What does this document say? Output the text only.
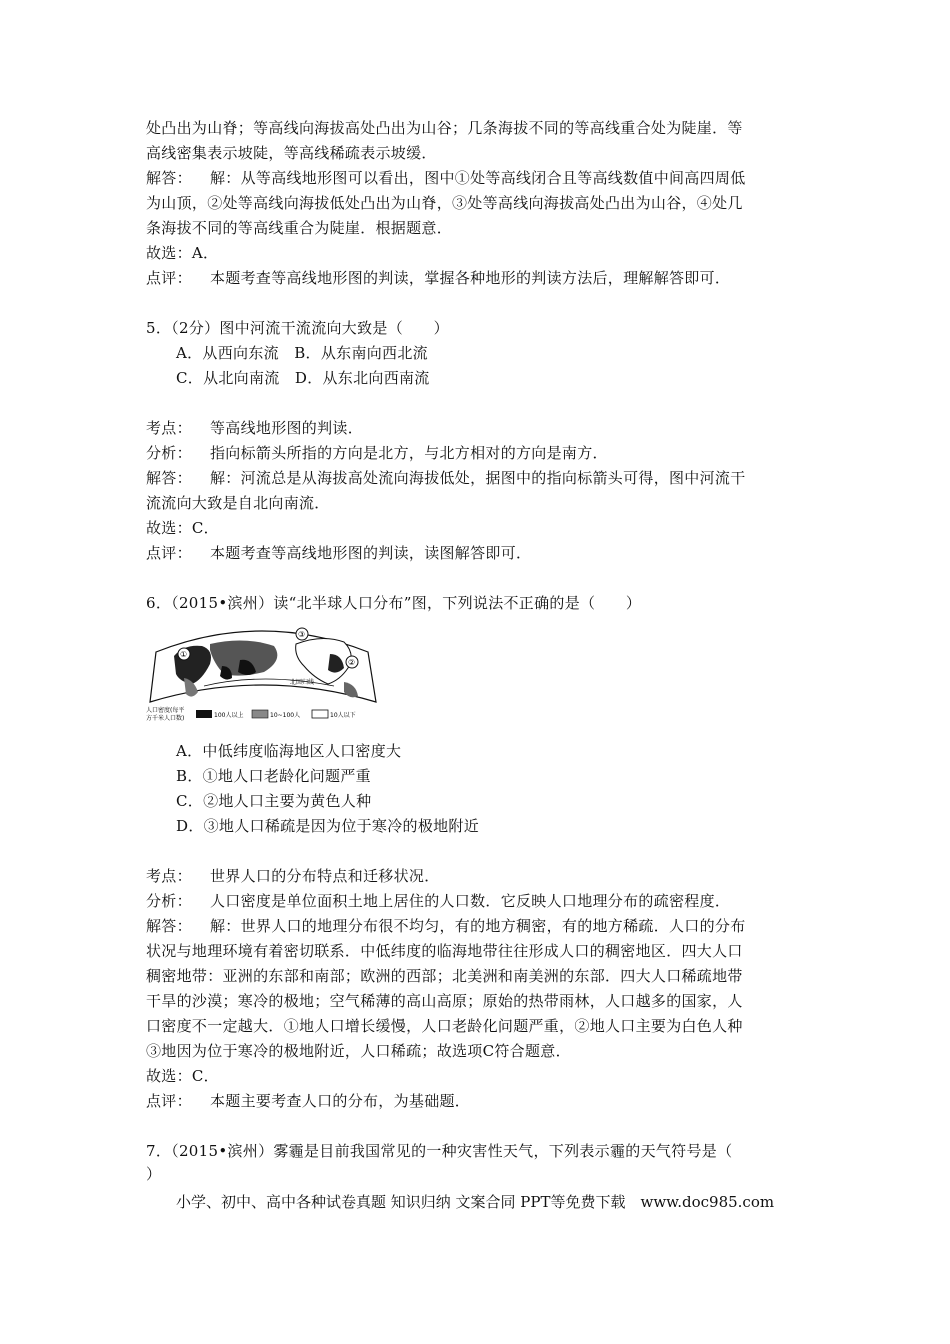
处凸出为山脊；等高线向海拔高处凸出为山谷；几条海拔不同的等高线重合处为陡崖．等
高线密集表示坡陡，等高线稀疏表示坡缓．
解答： 解：从等高线地形图可以看出，图中①处等高线闭合且等高线数值中间高四周低
为山顶，②处等高线向海拔低处凸出为山脊，③处等高线向海拔高处凸出为山谷，④处几
条海拔不同的等高线重合为陡崖．根据题意．
故选：A．
点评： 本题考查等高线地形图的判读，掌握各种地形的判读方法后，理解解答即可．
5．（2分）图中河流干流流向大致是（　　）
A．从西向东流　B．从东南向西北流
C．从北向南流　D．从东北向西南流
考点： 等高线地形图的判读．
分析： 指向标箭头所指的方向是北方，与北方相对的方向是南方．
解答： 解：河流总是从海拔高处流向海拔低处，据图中的指向标箭头可得，图中河流干
流流向大致是自北向南流．
故选：C．
点评： 本题考查等高线地形图的判读，读图解答即可．
6．（2015•滨州）读“北半球人口分布”图，下列说法不正确的是（　　）
北回归线
①
②
③
人口密度(每平
方千米人口数)	100人以上	10~100人	10人以下
A．中低纬度临海地区人口密度大
B．①地人口老龄化问题严重
C．②地人口主要为黄色人种
D．③地人口稀疏是因为位于寒冷的极地附近
考点： 世界人口的分布特点和迁移状况．
分析： 人口密度是单位面积土地上居住的人口数．它反映人口地理分布的疏密程度．
解答： 解：世界人口的地理分布很不均匀，有的地方稠密，有的地方稀疏．人口的分布
状况与地理环境有着密切联系．中低纬度的临海地带往往形成人口的稠密地区．四大人口
稠密地带：亚洲的东部和南部；欧洲的西部；北美洲和南美洲的东部．四大人口稀疏地带
干旱的沙漠；寒冷的极地；空气稀薄的高山高原；原始的热带雨林，人口越多的国家，人
口密度不一定越大．①地人口增长缓慢，人口老龄化问题严重，②地人口主要为白色人种
③地因为位于寒冷的极地附近，人口稀疏；故选项C符合题意．
故选：C．
点评： 本题主要考查人口的分布，为基础题．
7．（2015•滨州）雾霾是目前我国常见的一种灾害性天气，下列表示霾的天气符号是（
）
小学、初中、高中各种试卷真题 知识归纳 文案合同 PPT等免费下载　www.doc985.com
